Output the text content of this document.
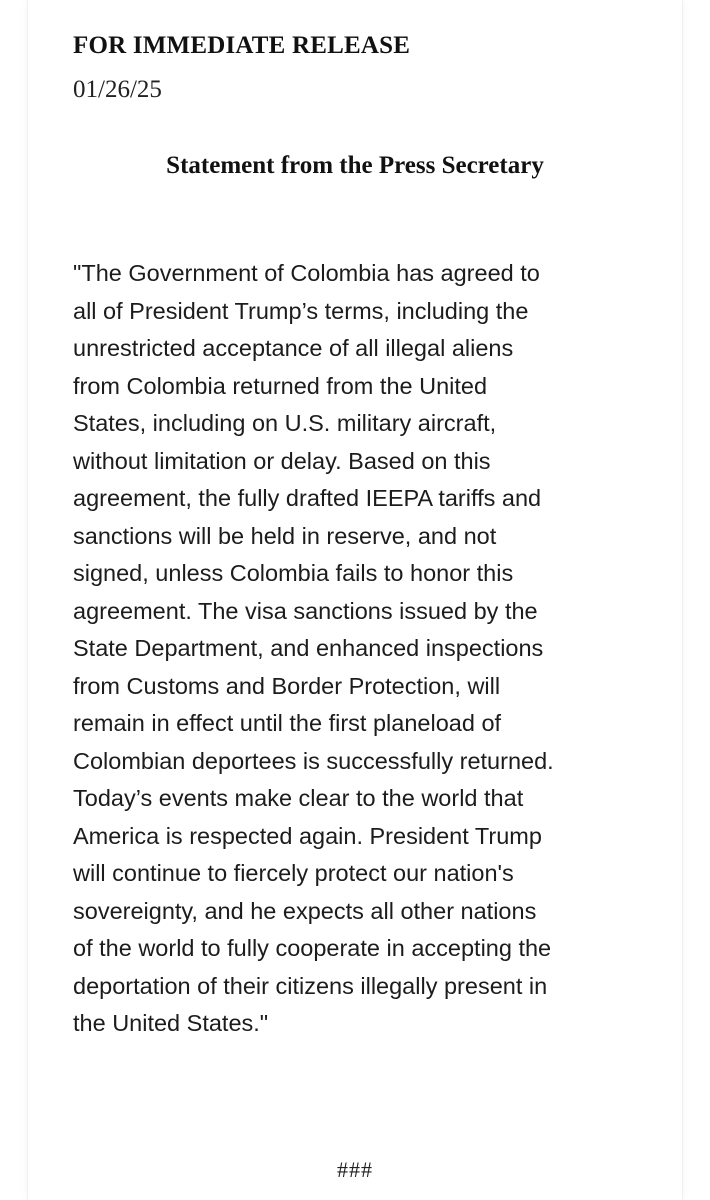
FOR IMMEDIATE RELEASE
01/26/25
Statement from the Press Secretary
"The Government of Colombia has agreed to
all of President Trump’s terms, including the
unrestricted acceptance of all illegal aliens
from Colombia returned from the United
States, including on U.S. military aircraft,
without limitation or delay. Based on this
agreement, the fully drafted IEEPA tariffs and
sanctions will be held in reserve, and not
signed, unless Colombia fails to honor this
agreement. The visa sanctions issued by the
State Department, and enhanced inspections
from Customs and Border Protection, will
remain in effect until the first planeload of
Colombian deportees is successfully returned.
Today’s events make clear to the world that
America is respected again. President Trump
will continue to fiercely protect our nation's
sovereignty, and he expects all other nations
of the world to fully cooperate in accepting the
deportation of their citizens illegally present in
the United States."
###
